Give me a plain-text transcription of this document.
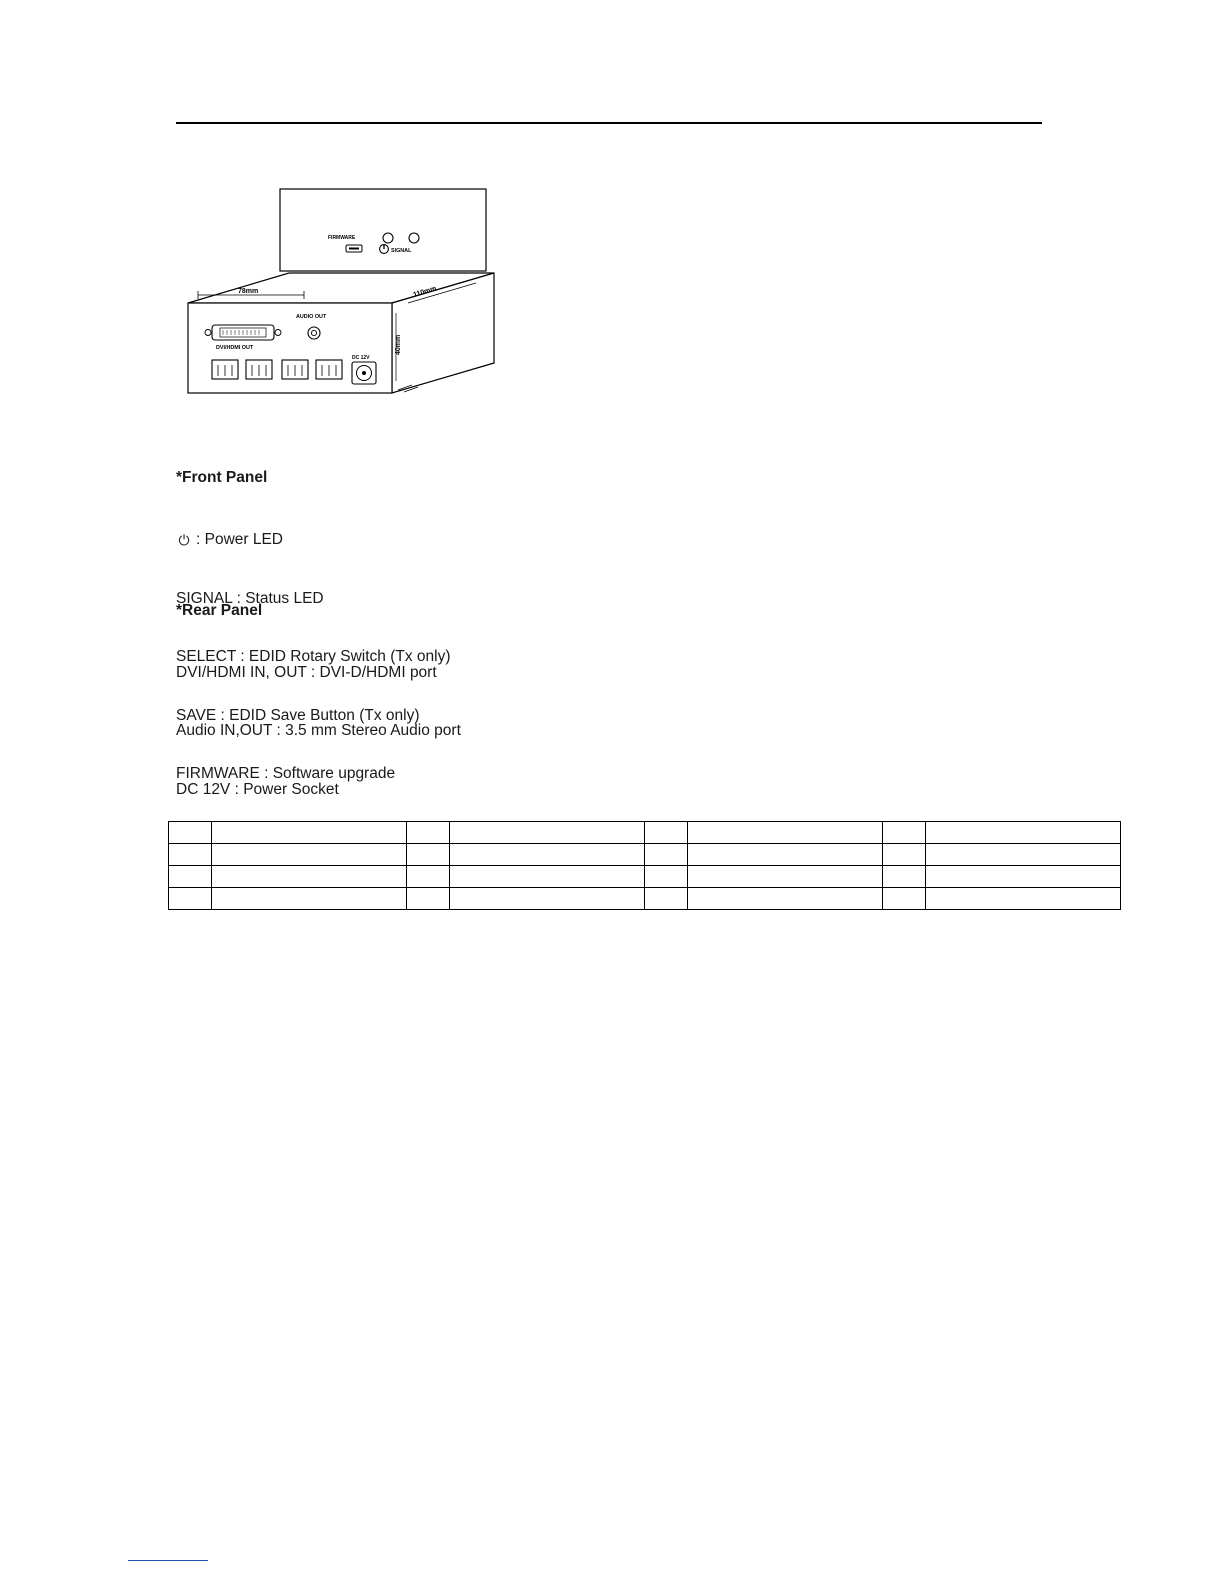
FIRMWARE
SIGNAL
78mm	110mm
40mm
AUDIO OUT
DVI/HDMI OUT
DC 12V

*Front Panel

⏻ : Power LED

SIGNAL : Status LED

SELECT : EDID Rotary Switch (Tx only)

SAVE : EDID Save Button (Tx only)

FIRMWARE : Software upgrade

*Rear Panel

DVI/HDMI IN, OUT : DVI-D/HDMI port

Audio IN,OUT : 3.5 mm Stereo Audio port

DC 12V : Power Socket
